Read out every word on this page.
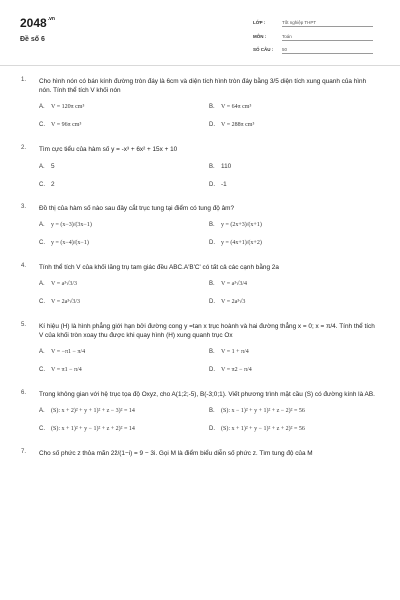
$2048^{.vn}$
Đề số 6
LỚP :	Tốt nghiệp THPT
MÔN :	Toán
SỐ CÂU : 50
1. Cho hình nón có bán kính đường tròn đáy là 6cm và diện tích hình tròn đáy bằng 3/5 diện tích xung quanh của hình nón. Tính thể tích V khối nón
A. V = 120π cm³	B. V = 64π cm³
C. V = 96π cm³	D. V = 288π cm³
2. Tìm cực tiểu của hàm số y = -x³ + 6x² + 15x + 10
A. 5	B. 110
C. 2	D. -1
3. Đồ thị của hàm số nào sau đây cắt trục tung tại điểm có tung độ âm?
A. y = (x−3)/(3x−1)	B. y = (2x+3)/(x+1)
C. y = (x−4)/(x−1)	D. y = (4x+1)/(x+2)
4. Tính thể tích V của khối lăng trụ tam giác đều ABC.A'B'C' có tất cả các cạnh bằng 2a
A. V = a³√3/3	B. V = a³√3/4
C. V = 2a³√3/3	D. V = 2a³√3
5. Kí hiệu (H) là hình phẳng giới hạn bởi đường cong y =tan x trục hoành và hai đường thẳng x = 0; x = π/4. Tính thể tích V của khối tròn xoay thu được khi quay hình (H) xung quanh trục Ox
A. V = −π1 − π/4	B. V = 1 + π/4
C. V = π1 − π/4	D. V = π2 − π/4
6. Trong không gian với hệ trục tọa độ Oxyz, cho A(1;2;-5), B(-3;0;1). Viết phương trình mặt cầu (S) có đường kính là AB.
A. (S): x + 2)² + y + 1)² + z − 3)² = 14	B. (S): x − 1)² + y + 1)² + z − 2)² = 56
C. (S): x + 1)² + y − 1)² + z + 2)² = 14	D. (S): x + 1)² + y − 1)² + z + 2)² = 56
7. Cho số phức z thỏa mãn 2z̄/(1−i) = 9 − 3i. Gọi M là điểm biểu diễn số phức z. Tìm tung độ của M
